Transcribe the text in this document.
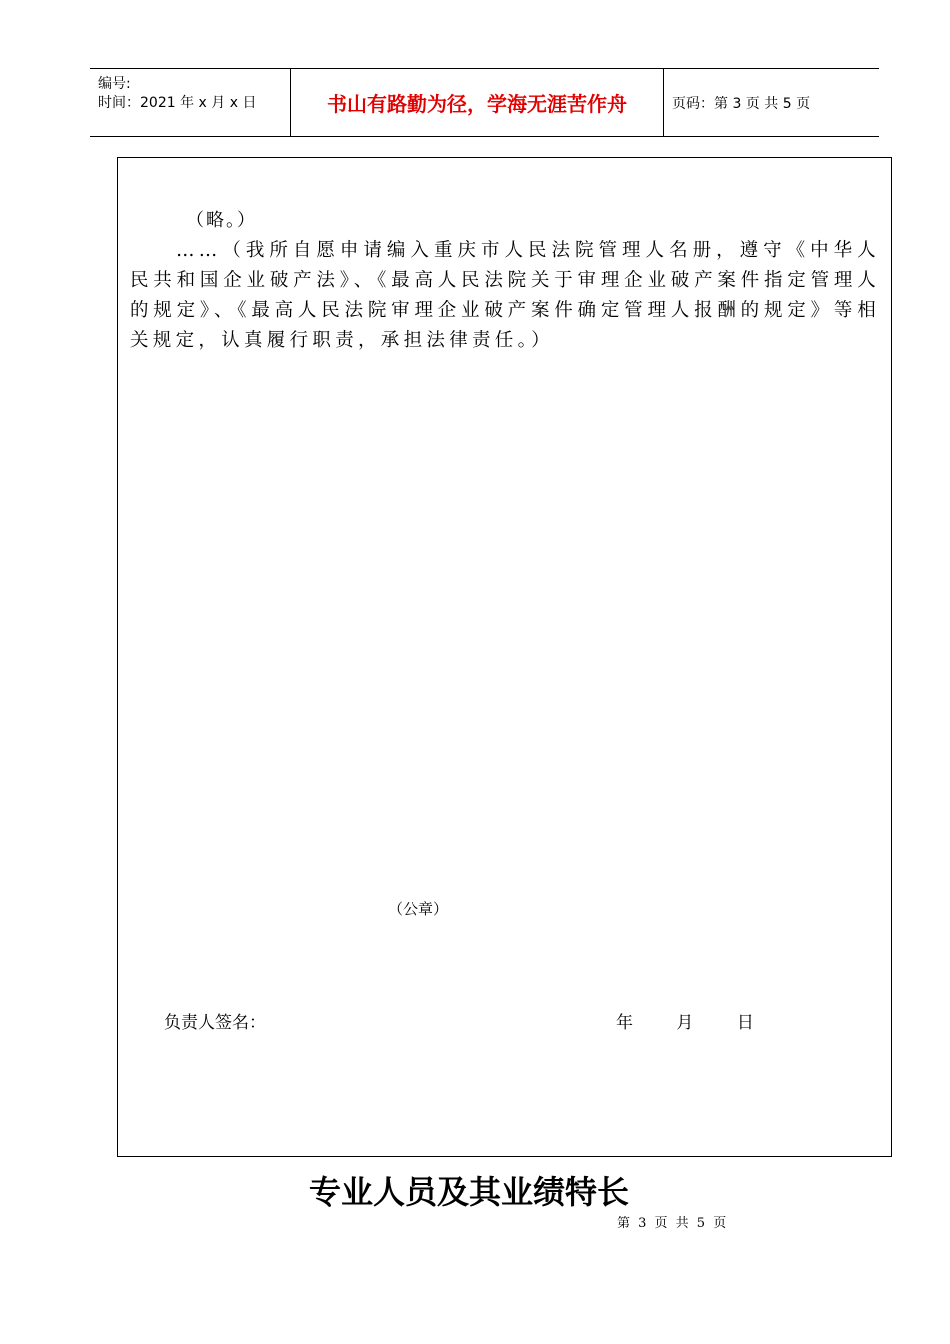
编号:
时间：2021 年 x 月 x 日	书山有路勤为径，学海无涯苦作舟	页码：第 3 页 共 5 页
（略。）
……（我所自愿申请编入重庆市人民法院管理人名册，遵守《中华人民共和国企业破产法》、《最高人民法院关于审理企业破产案件指定管理人的规定》、《最高人民法院审理企业破产案件确定管理人报酬的规定》等相关规定，认真履行职责，承担法律责任。）
（公章）
负责人签名：	年	月	日
专业人员及其业绩特长
第 3 页 共 5 页
